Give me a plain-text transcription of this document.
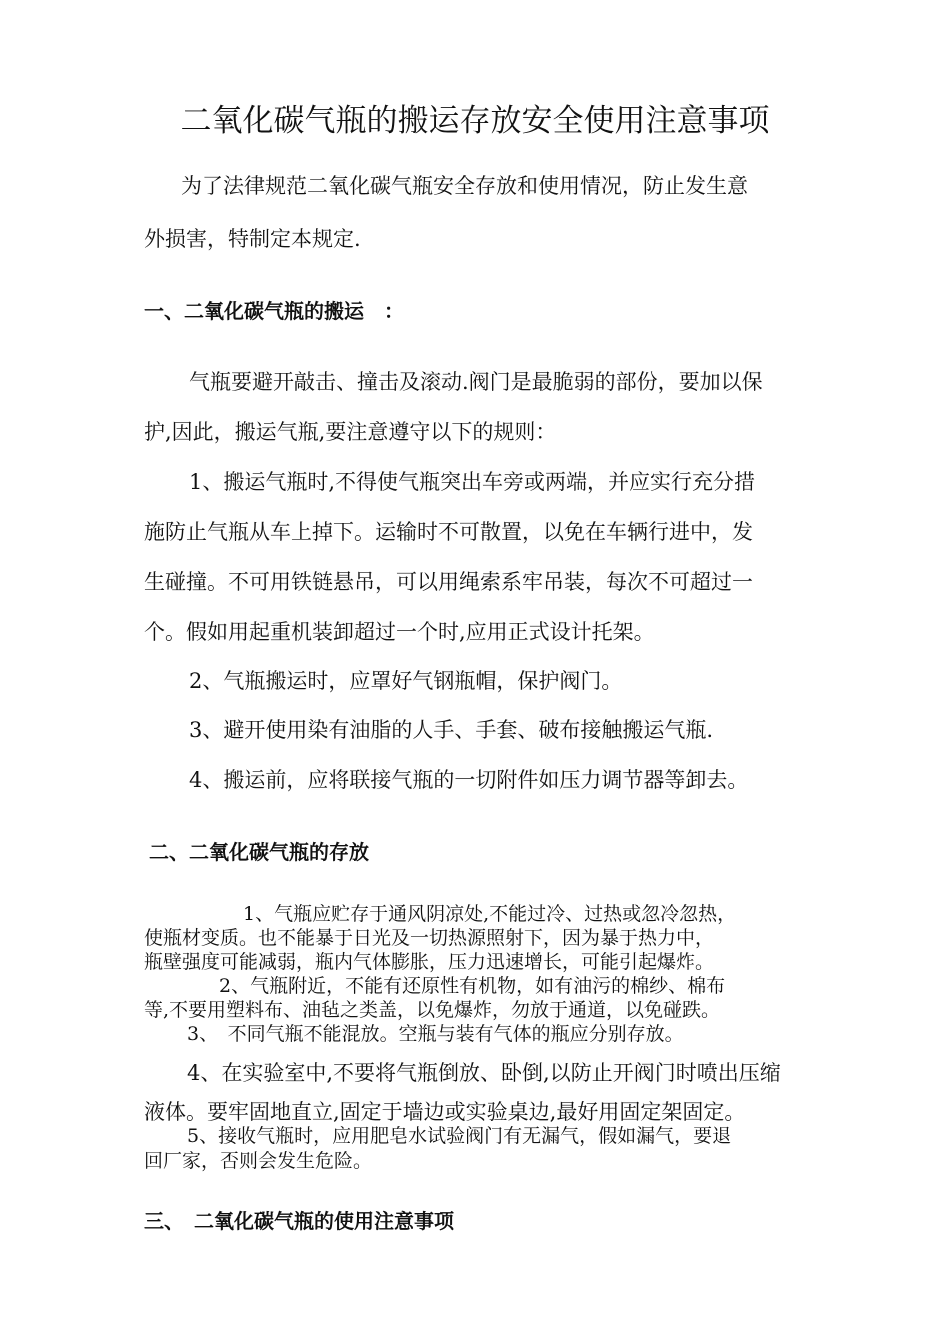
二氧化碳气瓶的搬运存放安全使用注意事项
为了法律规范二氧化碳气瓶安全存放和使用情况，防止发生意
外损害，特制定本规定.
一、二氧化碳气瓶的搬运　：
气瓶要避开敲击、撞击及滚动.阀门是最脆弱的部份，要加以保
护,因此，搬运气瓶,要注意遵守以下的规则：
1、搬运气瓶时,不得使气瓶突出车旁或两端，并应实行充分措
施防止气瓶从车上掉下。运输时不可散置，以免在车辆行进中，发
生碰撞。不可用铁链悬吊，可以用绳索系牢吊装，每次不可超过一
个。假如用起重机装卸超过一个时,应用正式设计托架。
2、气瓶搬运时，应罩好气钢瓶帽，保护阀门。
3、避开使用染有油脂的人手、手套、破布接触搬运气瓶.
4、搬运前，应将联接气瓶的一切附件如压力调节器等卸去。
二、二氧化碳气瓶的存放
1、气瓶应贮存于通风阴凉处,不能过冷、过热或忽冷忽热，
使瓶材变质。也不能暴于日光及一切热源照射下，因为暴于热力中，
瓶壁强度可能减弱，瓶内气体膨胀，压力迅速增长，可能引起爆炸。
2、气瓶附近，不能有还原性有机物，如有油污的棉纱、棉布
等,不要用塑料布、油毡之类盖，以免爆炸，勿放于通道，以免碰跌。
3、　不同气瓶不能混放。空瓶与装有气体的瓶应分别存放。
4、在实验室中,不要将气瓶倒放、卧倒,以防止开阀门时喷出压缩
液体。要牢固地直立,固定于墙边或实验桌边,最好用固定架固定。
5、接收气瓶时，应用肥皂水试验阀门有无漏气，假如漏气，要退
回厂家，否则会发生危险。
三、　二氧化碳气瓶的使用注意事项
